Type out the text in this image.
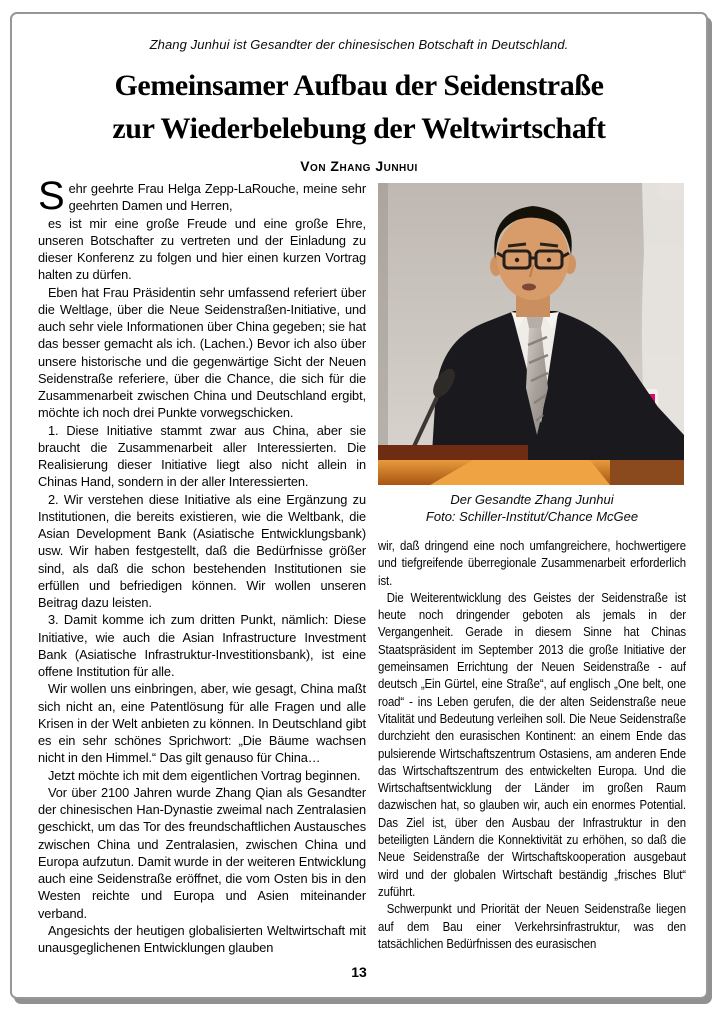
Zhang Junhui ist Gesandter der chinesischen Botschaft in Deutschland.
Gemeinsamer Aufbau der Seidenstraße
zur Wiederbelebung der Weltwirtschaft
Von Zhang Junhui

Sehr geehrte Frau Helga Zepp-LaRouche, meine sehr geehrten Damen und Herren,

es ist mir eine große Freude und eine große Ehre, unseren Botschafter zu vertreten und der Einladung zu dieser Konferenz zu folgen und hier einen kurzen Vortrag halten zu dürfen.

Eben hat Frau Präsidentin sehr umfassend referiert über die Weltlage, über die Neue Seidenstraßen-Initiative, und auch sehr viele Informationen über China gegeben; sie hat das besser gemacht als ich. (Lachen.) Bevor ich also über unsere historische und die gegenwärtige Sicht der Neuen Seidenstraße referiere, über die Chance, die sich für die Zusammenarbeit zwischen China und Deutschland ergibt, möchte ich noch drei Punkte vorwegschicken.

1. Diese Initiative stammt zwar aus China, aber sie braucht die Zusammenarbeit aller Interessierten. Die Realisierung dieser Initiative liegt also nicht allein in Chinas Hand, sondern in der aller Interessierten.

2. Wir verstehen diese Initiative als eine Ergänzung zu Institutionen, die bereits existieren, wie die Weltbank, die Asian Development Bank (Asiatische Entwicklungsbank) usw. Wir haben festgestellt, daß die Bedürfnisse größer sind, als daß die schon bestehenden Institutionen sie erfüllen und befriedigen können. Wir wollen unseren Beitrag dazu leisten.

3. Damit komme ich zum dritten Punkt, nämlich: Diese Initiative, wie auch die Asian Infrastructure Investment Bank (Asiatische Infrastruktur-Investitionsbank), ist eine offene Institution für alle.

Wir wollen uns einbringen, aber, wie gesagt, China maßt sich nicht an, eine Patentlösung für alle Fragen und alle Krisen in der Welt anbieten zu können. In Deutschland gibt es ein sehr schönes Sprichwort: „Die Bäume wachsen nicht in den Himmel.“ Das gilt genauso für China…

Jetzt möchte ich mit dem eigentlichen Vortrag beginnen.

Vor über 2100 Jahren wurde Zhang Qian als Gesandter der chinesischen Han-Dynastie zweimal nach Zentralasien geschickt, um das Tor des freundschaftlichen Austausches zwischen China und Zentralasien, zwischen China und Europa aufzutun. Damit wurde in der weiteren Entwicklung auch eine Seidenstraße eröffnet, die vom Osten bis in den Westen reichte und Europa und Asien miteinander verband.

Angesichts der heutigen globalisierten Weltwirtschaft mit unausgeglichenen Entwicklungen glauben

Der Gesandte Zhang Junhui
Foto: Schiller-Institut/Chance McGee

wir, daß dringend eine noch umfangreichere, hochwertigere und tiefgreifende überregionale Zusammenarbeit erforderlich ist.

Die Weiterentwicklung des Geistes der Seidenstraße ist heute noch dringender geboten als jemals in der Vergangenheit. Gerade in diesem Sinne hat Chinas Staatspräsident im September 2013 die große Initiative der gemeinsamen Errichtung der Neuen Seidenstraße - auf deutsch „Ein Gürtel, eine Straße“, auf englisch „One belt, one road“ - ins Leben gerufen, die der alten Seidenstraße neue Vitalität und Bedeutung verleihen soll. Die Neue Seidenstraße durchzieht den eurasischen Kontinent: an einem Ende das pulsierende Wirtschaftszentrum Ostasiens, am anderen Ende das Wirtschaftszentrum des entwickelten Europa. Und die Wirtschaftsentwicklung der Länder im großen Raum dazwischen hat, so glauben wir, auch ein enormes Potential. Das Ziel ist, über den Ausbau der Infrastruktur in den beteiligten Ländern die Konnektivität zu erhöhen, so daß die Neue Seidenstraße der Wirtschaftskooperation ausgebaut wird und der globalen Wirtschaft beständig „frisches Blut“ zuführt.

Schwerpunkt und Priorität der Neuen Seidenstraße liegen auf dem Bau einer Verkehrsinfrastruktur, was den tatsächlichen Bedürfnissen des eurasischen

13
